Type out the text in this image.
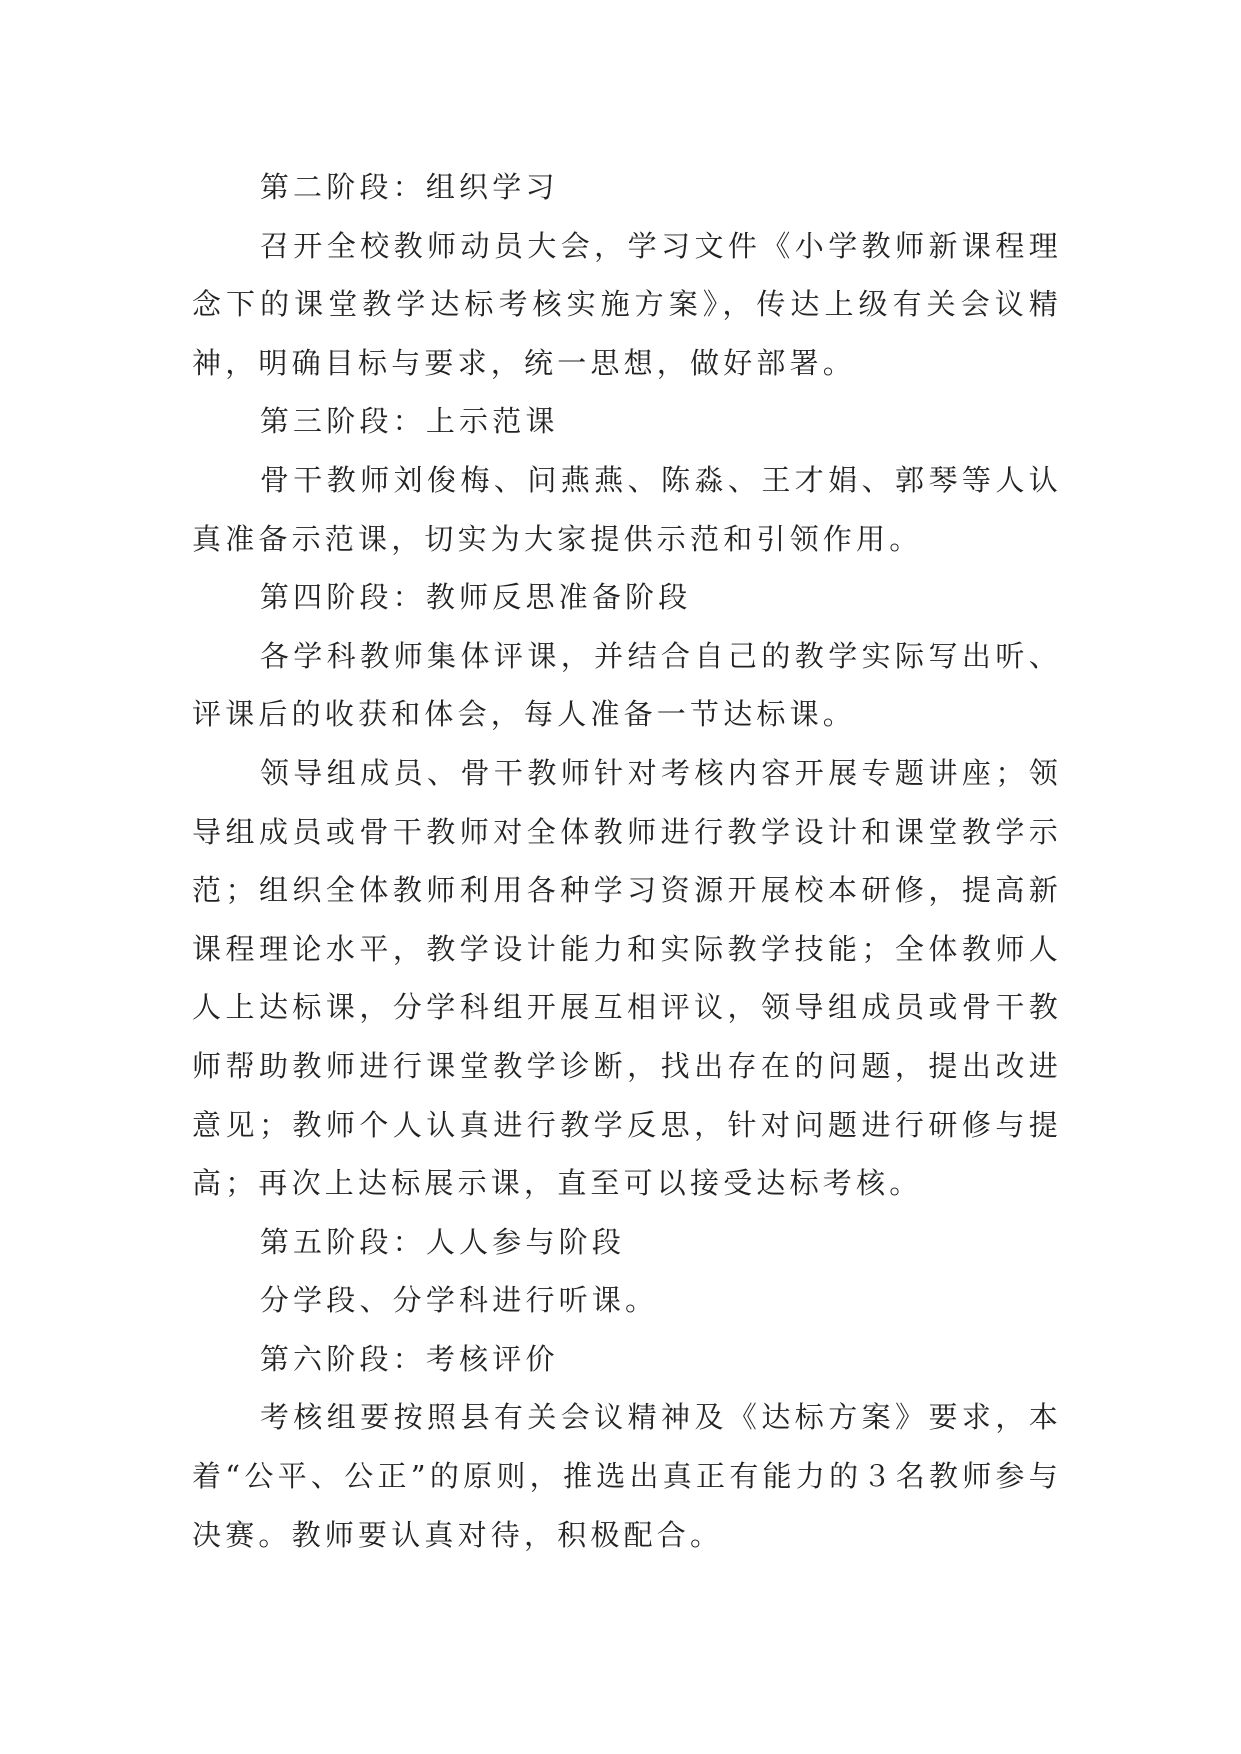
第二阶段：组织学习

召开全校教师动员大会，学习文件《小学教师新课程理念下的课堂教学达标考核实施方案》，传达上级有关会议精神，明确目标与要求，统一思想，做好部署。

第三阶段：上示范课

骨干教师刘俊梅、问燕燕、陈淼、王才娟、郭琴等人认真准备示范课，切实为大家提供示范和引领作用。

第四阶段：教师反思准备阶段

各学科教师集体评课，并结合自己的教学实际写出听、评课后的收获和体会，每人准备一节达标课。

领导组成员、骨干教师针对考核内容开展专题讲座；领导组成员或骨干教师对全体教师进行教学设计和课堂教学示范；组织全体教师利用各种学习资源开展校本研修，提高新课程理论水平，教学设计能力和实际教学技能；全体教师人人上达标课，分学科组开展互相评议，领导组成员或骨干教师帮助教师进行课堂教学诊断，找出存在的问题，提出改进意见；教师个人认真进行教学反思，针对问题进行研修与提高；再次上达标展示课，直至可以接受达标考核。

第五阶段：人人参与阶段

分学段、分学科进行听课。

第六阶段：考核评价

考核组要按照县有关会议精神及《达标方案》要求，本着“公平、公正”的原则，推选出真正有能力的３名教师参与决赛。教师要认真对待，积极配合。
